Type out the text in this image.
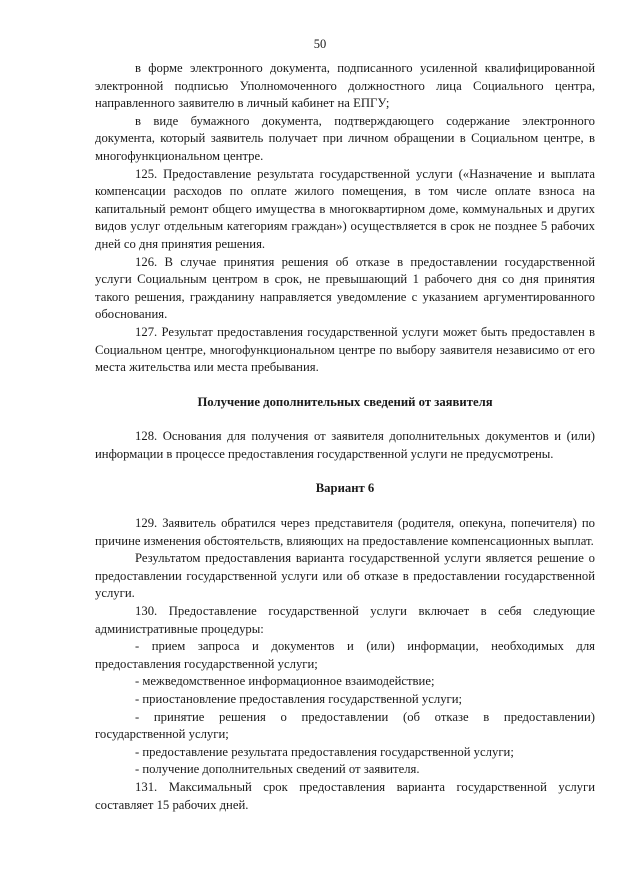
50

в форме электронного документа, подписанного усиленной квалифицированной электронной подписью Уполномоченного должностного лица Социального центра, направленного заявителю в личный кабинет на ЕПГУ;

в виде бумажного документа, подтверждающего содержание электронного документа, который заявитель получает при личном обращении в Социальном центре, в многофункциональном центре.

125. Предоставление результата государственной услуги («Назначение и выплата компенсации расходов по оплате жилого помещения, в том числе оплате взноса на капитальный ремонт общего имущества в многоквартирном доме, коммунальных и других видов услуг отдельным категориям граждан») осуществляется в срок не позднее 5 рабочих дней со дня принятия решения.

126. В случае принятия решения об отказе в предоставлении государственной услуги Социальным центром в срок, не превышающий 1 рабочего дня со дня принятия такого решения, гражданину направляется уведомление с указанием аргументированного обоснования.

127. Результат предоставления государственной услуги может быть предоставлен в Социальном центре, многофункциональном центре по выбору заявителя независимо от его места жительства или места пребывания.

Получение дополнительных сведений от заявителя

128. Основания для получения от заявителя дополнительных документов и (или) информации в процессе предоставления государственной услуги не предусмотрены.

Вариант 6

129. Заявитель обратился через представителя (родителя, опекуна, попечителя) по причине изменения обстоятельств, влияющих на предоставление компенсационных выплат.

Результатом предоставления варианта государственной услуги является решение о предоставлении государственной услуги или об отказе в предоставлении государственной услуги.

130. Предоставление государственной услуги включает в себя следующие административные процедуры:

- прием запроса и документов и (или) информации, необходимых для предоставления государственной услуги;

- межведомственное информационное взаимодействие;

- приостановление предоставления государственной услуги;

- принятие решения о предоставлении (об отказе в предоставлении) государственной услуги;

- предоставление результата предоставления государственной услуги;

- получение дополнительных сведений от заявителя.

131. Максимальный срок предоставления варианта государственной услуги составляет 15 рабочих дней.
